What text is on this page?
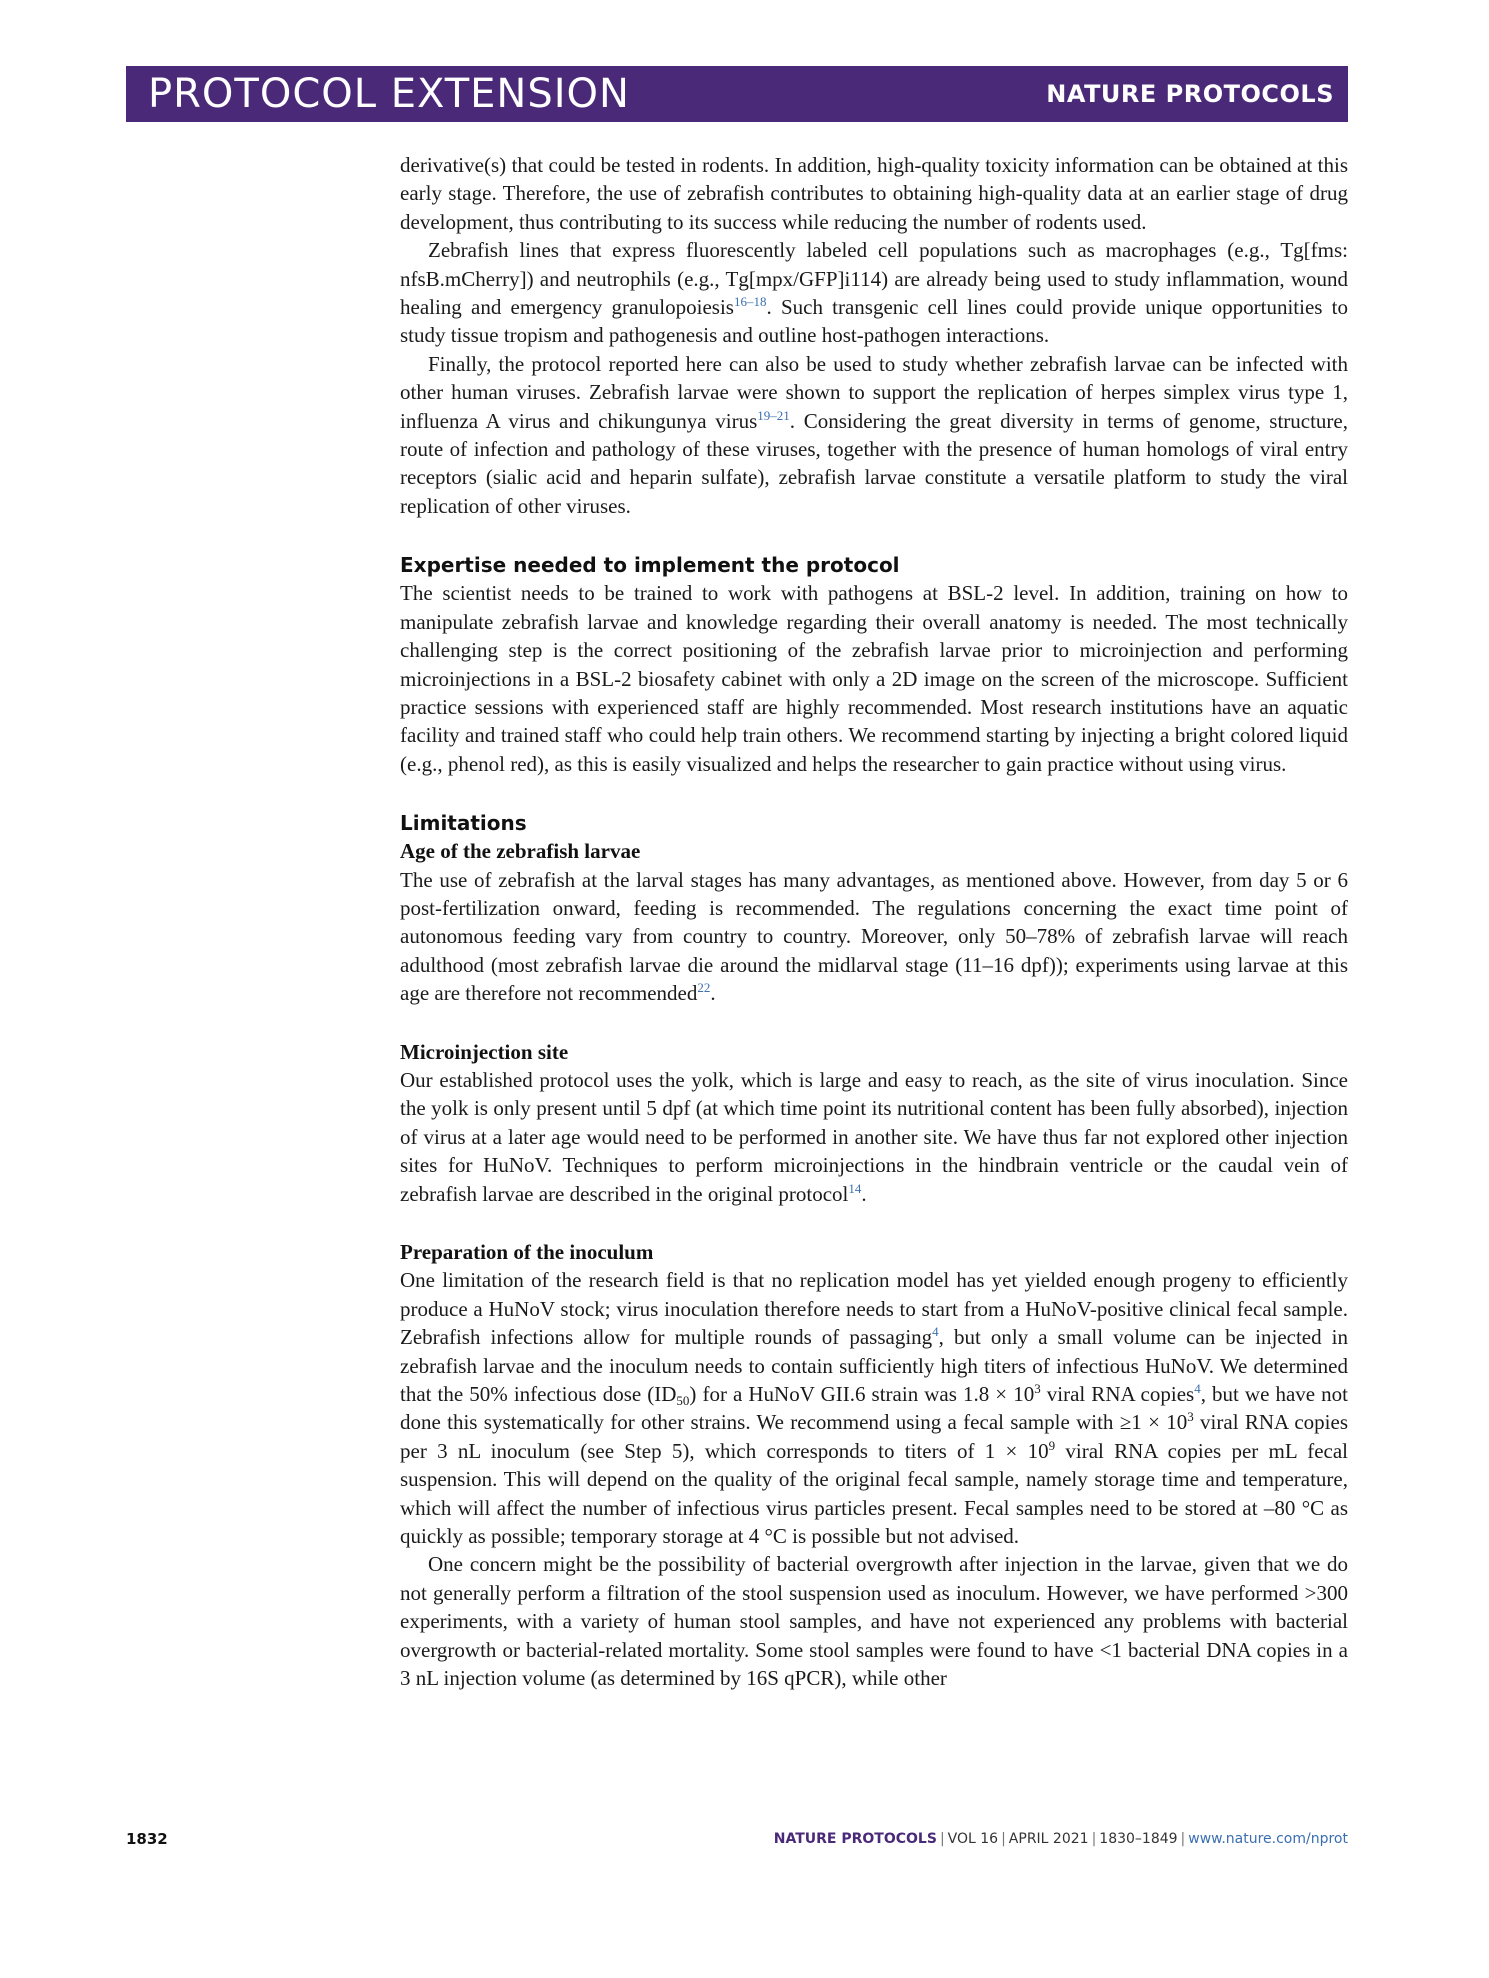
PROTOCOL EXTENSION	NATURE PROTOCOLS

derivative(s) that could be tested in rodents. In addition, high-quality toxicity information can be obtained at this early stage. Therefore, the use of zebrafish contributes to obtaining high-quality data at an earlier stage of drug development, thus contributing to its success while reducing the number of rodents used.

Zebrafish lines that express fluorescently labeled cell populations such as macrophages (e.g., Tg[fms: nfsB.mCherry]) and neutrophils (e.g., Tg[mpx/GFP]i114) are already being used to study inflammation, wound healing and emergency granulopoiesis$^{16-18}$. Such transgenic cell lines could provide unique opportunities to study tissue tropism and pathogenesis and outline host-pathogen interactions.

Finally, the protocol reported here can also be used to study whether zebrafish larvae can be infected with other human viruses. Zebrafish larvae were shown to support the replication of herpes simplex virus type 1, influenza A virus and chikungunya virus$^{19-21}$. Considering the great diversity in terms of genome, structure, route of infection and pathology of these viruses, together with the presence of human homologs of viral entry receptors (sialic acid and heparin sulfate), zebrafish larvae constitute a versatile platform to study the viral replication of other viruses.

Expertise needed to implement the protocol

The scientist needs to be trained to work with pathogens at BSL-2 level. In addition, training on how to manipulate zebrafish larvae and knowledge regarding their overall anatomy is needed. The most technically challenging step is the correct positioning of the zebrafish larvae prior to microinjection and performing microinjections in a BSL-2 biosafety cabinet with only a 2D image on the screen of the microscope. Sufficient practice sessions with experienced staff are highly recommended. Most research institutions have an aquatic facility and trained staff who could help train others. We recommend starting by injecting a bright colored liquid (e.g., phenol red), as this is easily visualized and helps the researcher to gain practice without using virus.

Limitations
Age of the zebrafish larvae

The use of zebrafish at the larval stages has many advantages, as mentioned above. However, from day 5 or 6 post-fertilization onward, feeding is recommended. The regulations concerning the exact time point of autonomous feeding vary from country to country. Moreover, only 50–78% of zebrafish larvae will reach adulthood (most zebrafish larvae die around the midlarval stage (11–16 dpf)); experiments using larvae at this age are therefore not recommended$^{22}$.

Microinjection site

Our established protocol uses the yolk, which is large and easy to reach, as the site of virus inoculation. Since the yolk is only present until 5 dpf (at which time point its nutritional content has been fully absorbed), injection of virus at a later age would need to be performed in another site. We have thus far not explored other injection sites for HuNoV. Techniques to perform microinjections in the hindbrain ventricle or the caudal vein of zebrafish larvae are described in the original protocol$^{14}$.

Preparation of the inoculum

One limitation of the research field is that no replication model has yet yielded enough progeny to efficiently produce a HuNoV stock; virus inoculation therefore needs to start from a HuNoV-positive clinical fecal sample. Zebrafish infections allow for multiple rounds of passaging$^4$, but only a small volume can be injected in zebrafish larvae and the inoculum needs to contain sufficiently high titers of infectious HuNoV. We determined that the 50% infectious dose $(ID_{50})$ for a HuNoV GII.6 strain was $1.8 \times 10^3$ viral RNA copies$^4$, but we have not done this systematically for other strains. We recommend using a fecal sample with $\ge 1 \times 10^3$ viral RNA copies per 3 nL inoculum (see Step 5), which corresponds to titers of $1 \times 10^9$ viral RNA copies per mL fecal suspension. This will depend on the quality of the original fecal sample, namely storage time and temperature, which will affect the number of infectious virus particles present. Fecal samples need to be stored at –80 °C as quickly as possible; temporary storage at 4 °C is possible but not advised.

One concern might be the possibility of bacterial overgrowth after injection in the larvae, given that we do not generally perform a filtration of the stool suspension used as inoculum. However, we have performed >300 experiments, with a variety of human stool samples, and have not experienced any problems with bacterial overgrowth or bacterial-related mortality. Some stool samples were found to have <1 bacterial DNA copies in a 3 nL injection volume (as determined by 16S qPCR), while other

1832	NATURE PROTOCOLS | VOL 16 | APRIL 2021 | 1830–1849 | www.nature.com/nprot
